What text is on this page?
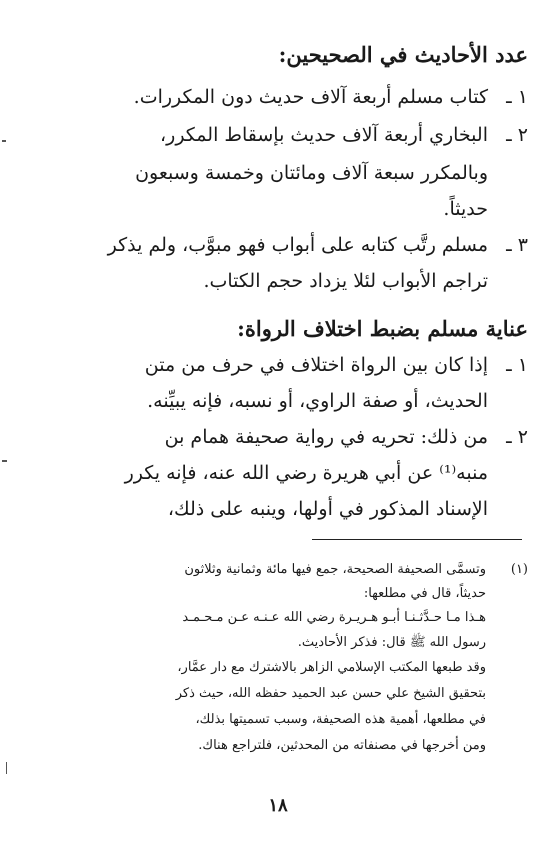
عدد الأحاديث في الصحيحين:
١ ـ
كتاب مسلم أربعة آلاف حديث دون المكررات.
٢ ـ
البخاري أربعة آلاف حديث بإسقاط المكرر،
وبالمكرر سبعة آلاف ومائتان وخمسة وسبعون
حديثاً.
٣ ـ
مسلم رتَّب كتابه على أبواب فهو مبوَّب، ولم يذكر
تراجم الأبواب لئلا يزداد حجم الكتاب.
عناية مسلم بضبط اختلاف الرواة:
١ ـ
إذا كان بين الرواة اختلاف في حرف من متن
الحديث، أو صفة الراوي، أو نسبه، فإنه يبيِّنه.
٢ ـ
من ذلك: تحريه في رواية صحيفة همام بن
منبه⁽¹⁾ عن أبي هريرة رضي الله عنه، فإنه يكرر
الإسناد المذكور في أولها، وينبه على ذلك،
(١)
وتسمَّى الصحيفة الصحيحة، جمع فيها مائة وثمانية وثلاثون
حديثاً، قال في مطلعها:
هـذا مـا حـدَّثـنـا أبـو هـريـرة رضي الله عـنـه عـن مـحـمـد
رسول الله ﷺ قال: فذكر الأحاديث.
وقد طبعها المكتب الإسلامي الزاهر بالاشترك مع دار عمَّار،
بتحقيق الشيخ علي حسن عبد الحميد حفظه الله، حيث ذكر
في مطلعها، أهمية هذه الصحيفة، وسبب تسميتها بذلك،
ومن أخرجها في مصنفاته من المحدثين، فلتراجع هناك.
١٨
